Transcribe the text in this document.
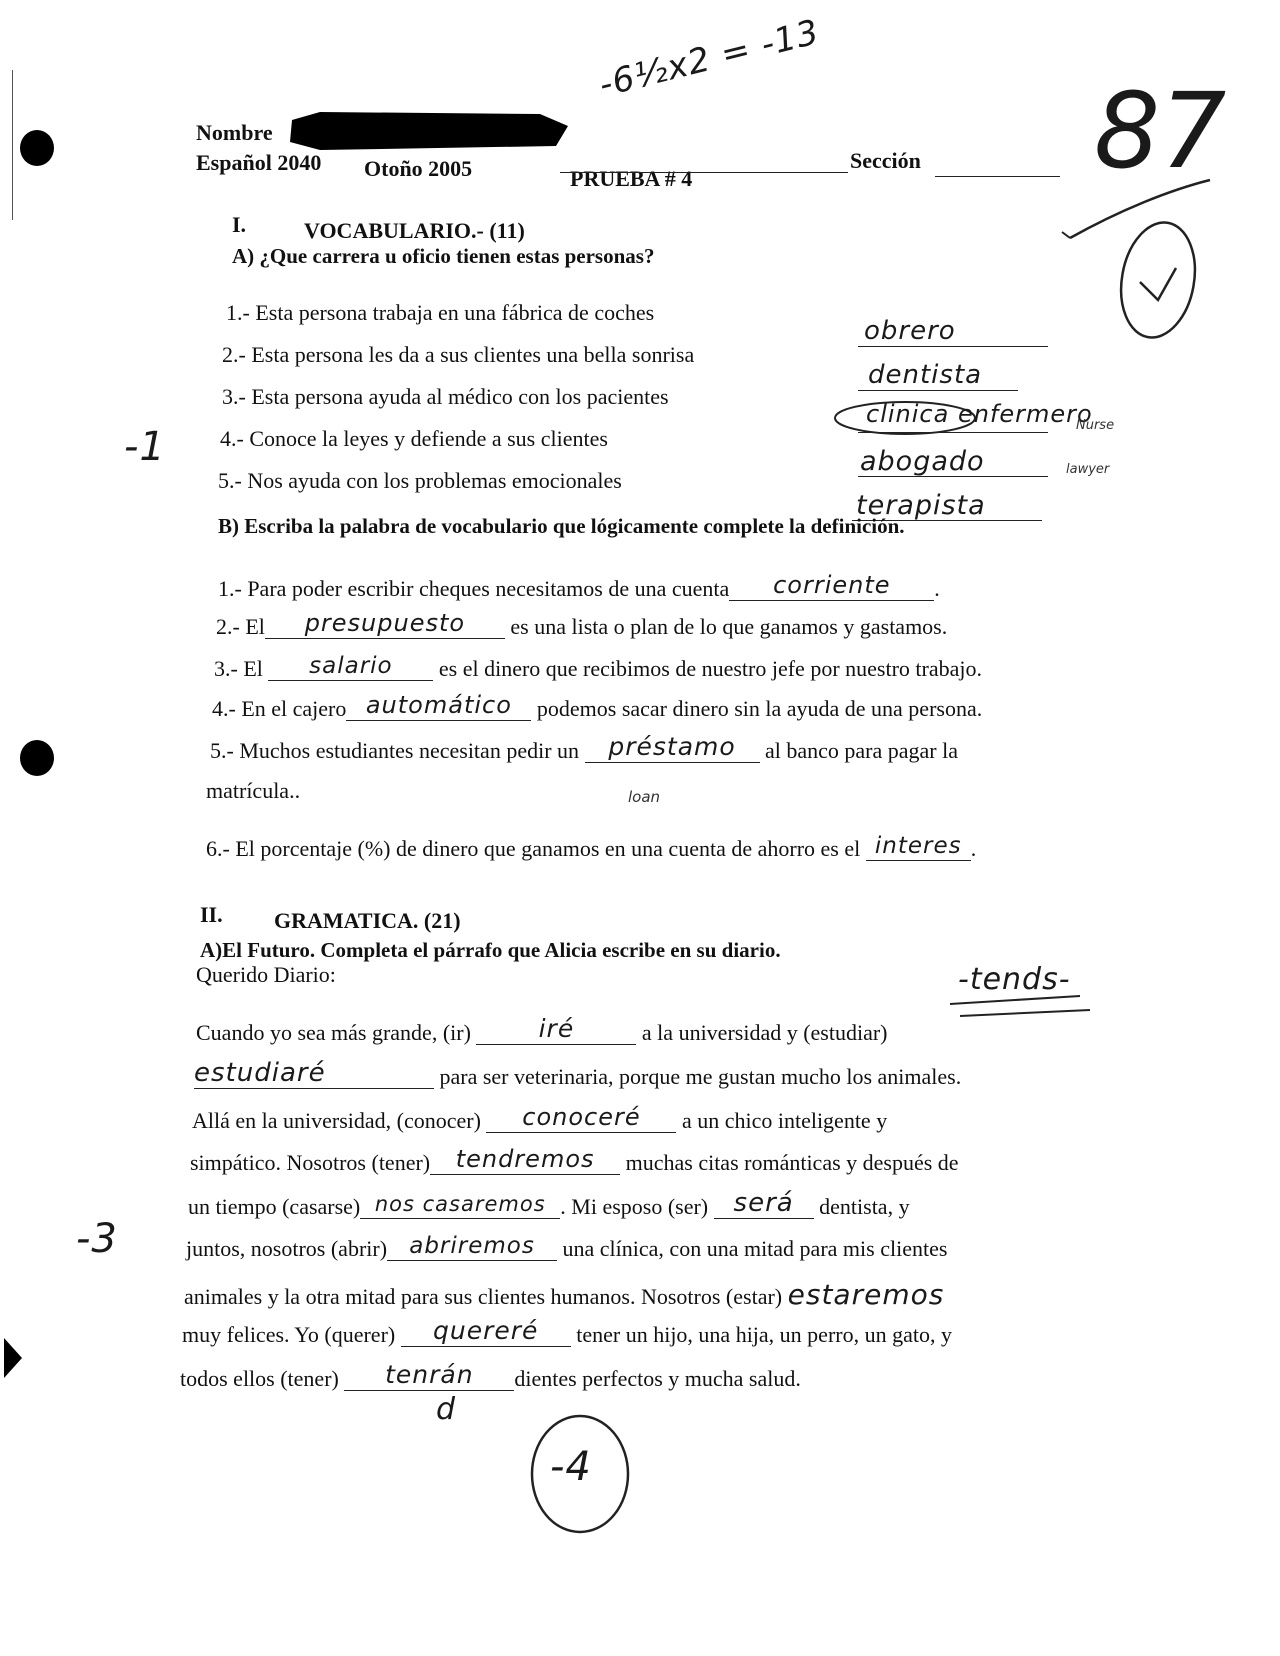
Nombre
Español 2040 Otoño 2005	PRUEBA # 4
Sección
-6½x2 = -13
87
I.	VOCABULARIO.- (11)
A) ¿Que carrera u oficio tienen estas personas?
1.- Esta persona trabaja en una fábrica de coches
2.- Esta persona les da a sus clientes una bella sonrisa
3.- Esta persona ayuda al médico con los pacientes
4.- Conoce la leyes y defiende a sus clientes
5.- Nos ayuda con los problemas emocionales
obrero
dentista
clinica enfermero
Nurse
abogado	lawyer
terapista
-1
B) Escriba la palabra de vocabulario que lógicamente complete la definición.
1.- Para poder escribir cheques necesitamos de una cuenta corriente .
2.- El presupuesto es una lista o plan de lo que ganamos y gastamos.
3.- El salario es el dinero que recibimos de nuestro jefe por nuestro trabajo.
4.- En el cajero automático podemos sacar dinero sin la ayuda de una persona.
5.- Muchos estudiantes necesitan pedir un préstamo al banco para pagar la
matrícula..	loan
6.- El porcentaje (%) de dinero que ganamos en una cuenta de ahorro es el interes .
II. GRAMATICA. (21)
A)El Futuro. Completa el párrafo que Alicia escribe en su diario.
Querido Diario:	-tends-
-3
Cuando yo sea más grande, (ir)	iré	a la universidad y (estudiar)
estudiaré	para ser veterinaria, porque me gustan mucho los animales.
Allá en la universidad, (conocer) conoceré a un chico inteligente y
simpático. Nosotros (tener) tendremos muchas citas románticas y después de
un tiempo (casarse) nos casaremos . Mi esposo (ser) será dentista, y
juntos, nosotros (abrir) abriremos una clínica, con una mitad para mis clientes
animales y la otra mitad para sus clientes humanos. Nosotros (estar) estaremos
muy felices. Yo (querer) quereré tener un hijo, una hija, un perro, un gato, y
todos ellos (tener) tenrán dientes perfectos y mucha salud.
d
-4
